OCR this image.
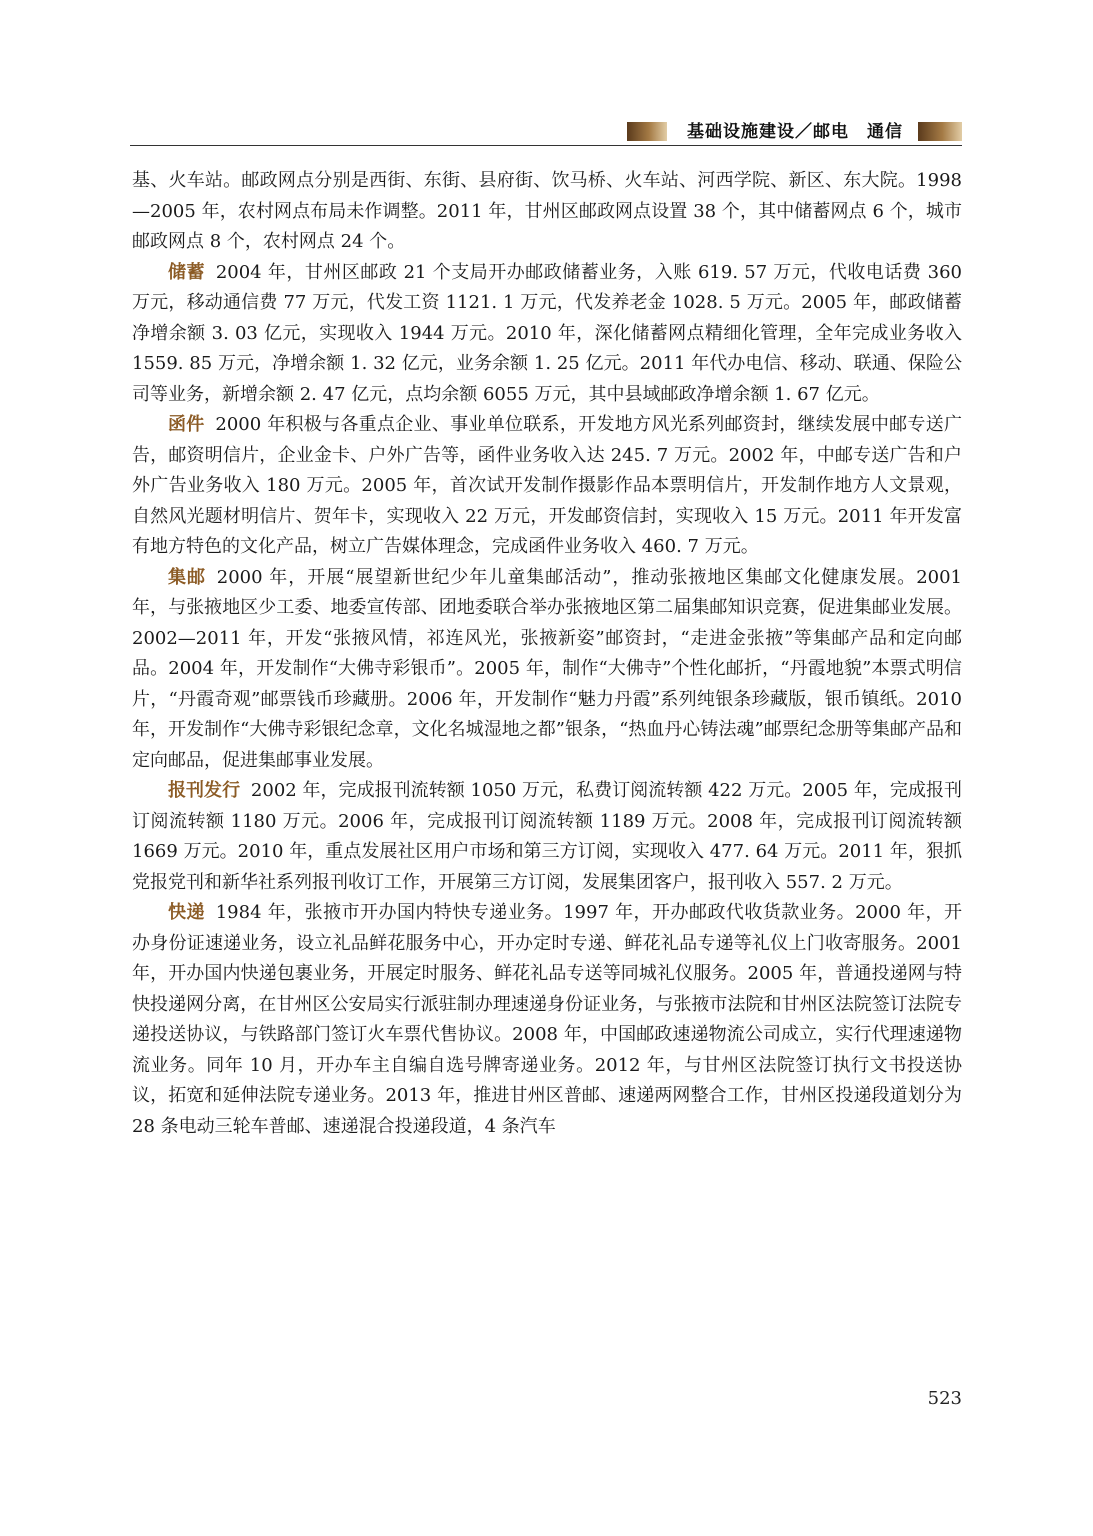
基础设施建设／邮电　通信

基、火车站。邮政网点分别是西街、东街、县府街、饮马桥、火车站、河西学院、新区、东大院。1998—2005 年，农村网点布局未作调整。2011 年，甘州区邮政网点设置 38 个，其中储蓄网点 6 个，城市邮政网点 8 个，农村网点 24 个。

储蓄 2004 年，甘州区邮政 21 个支局开办邮政储蓄业务，入账 619. 57 万元，代收电话费 360 万元，移动通信费 77 万元，代发工资 1121. 1 万元，代发养老金 1028. 5 万元。2005 年，邮政储蓄净增余额 3. 03 亿元，实现收入 1944 万元。2010 年，深化储蓄网点精细化管理，全年完成业务收入 1559. 85 万元，净增余额 1. 32 亿元，业务余额 1. 25 亿元。2011 年代办电信、移动、联通、保险公司等业务，新增余额 2. 47 亿元，点均余额 6055 万元，其中县域邮政净增余额 1. 67 亿元。

函件 2000 年积极与各重点企业、事业单位联系，开发地方风光系列邮资封，继续发展中邮专送广告，邮资明信片，企业金卡、户外广告等，函件业务收入达 245. 7 万元。2002 年，中邮专送广告和户外广告业务收入 180 万元。2005 年，首次试开发制作摄影作品本票明信片，开发制作地方人文景观，自然风光题材明信片、贺年卡，实现收入 22 万元，开发邮资信封，实现收入 15 万元。2011 年开发富有地方特色的文化产品，树立广告媒体理念，完成函件业务收入 460. 7 万元。

集邮 2000 年，开展“展望新世纪少年儿童集邮活动”，推动张掖地区集邮文化健康发展。2001 年，与张掖地区少工委、地委宣传部、团地委联合举办张掖地区第二届集邮知识竞赛，促进集邮业发展。2002—2011 年，开发“张掖风情，祁连风光，张掖新姿”邮资封，“走进金张掖”等集邮产品和定向邮品。2004 年，开发制作“大佛寺彩银币”。2005 年，制作“大佛寺”个性化邮折，“丹霞地貌”本票式明信片，“丹霞奇观”邮票钱币珍藏册。2006 年，开发制作“魅力丹霞”系列纯银条珍藏版，银币镇纸。2010 年，开发制作“大佛寺彩银纪念章，文化名城湿地之都”银条，“热血丹心铸法魂”邮票纪念册等集邮产品和定向邮品，促进集邮事业发展。

报刊发行 2002 年，完成报刊流转额 1050 万元，私费订阅流转额 422 万元。2005 年，完成报刊订阅流转额 1180 万元。2006 年，完成报刊订阅流转额 1189 万元。2008 年，完成报刊订阅流转额 1669 万元。2010 年，重点发展社区用户市场和第三方订阅，实现收入 477. 64 万元。2011 年，狠抓党报党刊和新华社系列报刊收订工作，开展第三方订阅，发展集团客户，报刊收入 557. 2 万元。

快递 1984 年，张掖市开办国内特快专递业务。1997 年，开办邮政代收货款业务。2000 年，开办身份证速递业务，设立礼品鲜花服务中心，开办定时专递、鲜花礼品专递等礼仪上门收寄服务。2001 年，开办国内快递包裹业务，开展定时服务、鲜花礼品专送等同城礼仪服务。2005 年，普通投递网与特快投递网分离，在甘州区公安局实行派驻制办理速递身份证业务，与张掖市法院和甘州区法院签订法院专递投送协议，与铁路部门签订火车票代售协议。2008 年，中国邮政速递物流公司成立，实行代理速递物流业务。同年 10 月，开办车主自编自选号牌寄递业务。2012 年，与甘州区法院签订执行文书投送协议，拓宽和延伸法院专递业务。2013 年，推进甘州区普邮、速递两网整合工作，甘州区投递段道划分为 28 条电动三轮车普邮、速递混合投递段道，4 条汽车

523
